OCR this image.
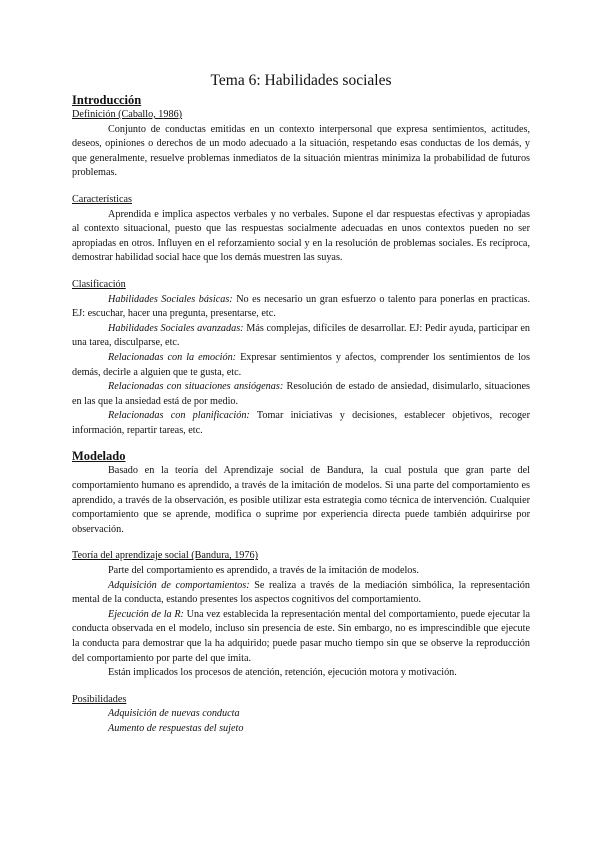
Tema 6: Habilidades sociales
Introducción
Definición (Caballo, 1986)

Conjunto de conductas emitidas en un contexto interpersonal que expresa sentimientos, actitudes, deseos, opiniones o derechos de un modo adecuado a la situación, respetando esas conductas de los demás, y que generalmente, resuelve problemas inmediatos de la situación mientras minimiza la probabilidad de futuros problemas.

Características

Aprendida e implica aspectos verbales y no verbales. Supone el dar respuestas efectivas y apropiadas al contexto situacional, puesto que las respuestas socialmente adecuadas en unos contextos pueden no ser apropiadas en otros. Influyen en el reforzamiento social y en la resolución de problemas sociales. Es recíproca, demostrar habilidad social hace que los demás muestren las suyas.

Clasificación

Habilidades Sociales básicas: No es necesario un gran esfuerzo o talento para ponerlas en practicas. EJ: escuchar, hacer una pregunta, presentarse, etc.

Habilidades Sociales avanzadas: Más complejas, difíciles de desarrollar. EJ: Pedir ayuda, participar en una tarea, disculparse, etc.

Relacionadas con la emoción: Expresar sentimientos y afectos, comprender los sentimientos de los demás, decirle a alguien que te gusta, etc.

Relacionadas con situaciones ansiógenas: Resolución de estado de ansiedad, disimularlo, situaciones en las que la ansiedad está de por medio.

Relacionadas con planificación: Tomar iniciativas y decisiones, establecer objetivos, recoger información, repartir tareas, etc.

Modelado

Basado en la teoría del Aprendizaje social de Bandura, la cual postula que gran parte del comportamiento humano es aprendido, a través de la imitación de modelos. Si una parte del comportamiento es aprendido, a través de la observación, es posible utilizar esta estrategia como técnica de intervención. Cualquier comportamiento que se aprende, modifica o suprime por experiencia directa puede también adquirirse por observación.

Teoría del aprendizaje social (Bandura, 1976)

Parte del comportamiento es aprendido, a través de la imitación de modelos.

Adquisición de comportamientos: Se realiza a través de la mediación simbólica, la representación mental de la conducta, estando presentes los aspectos cognitivos del comportamiento.

Ejecución de la R: Una vez establecida la representación mental del comportamiento, puede ejecutar la conducta observada en el modelo, incluso sin presencia de este. Sin embargo, no es imprescindible que ejecute la conducta para demostrar que la ha adquirido; puede pasar mucho tiempo sin que se observe la reproducción del comportamiento por parte del que imita.

Están implicados los procesos de atención, retención, ejecución motora y motivación.

Posibilidades
Adquisición de nuevas conducta
Aumento de respuestas del sujeto
